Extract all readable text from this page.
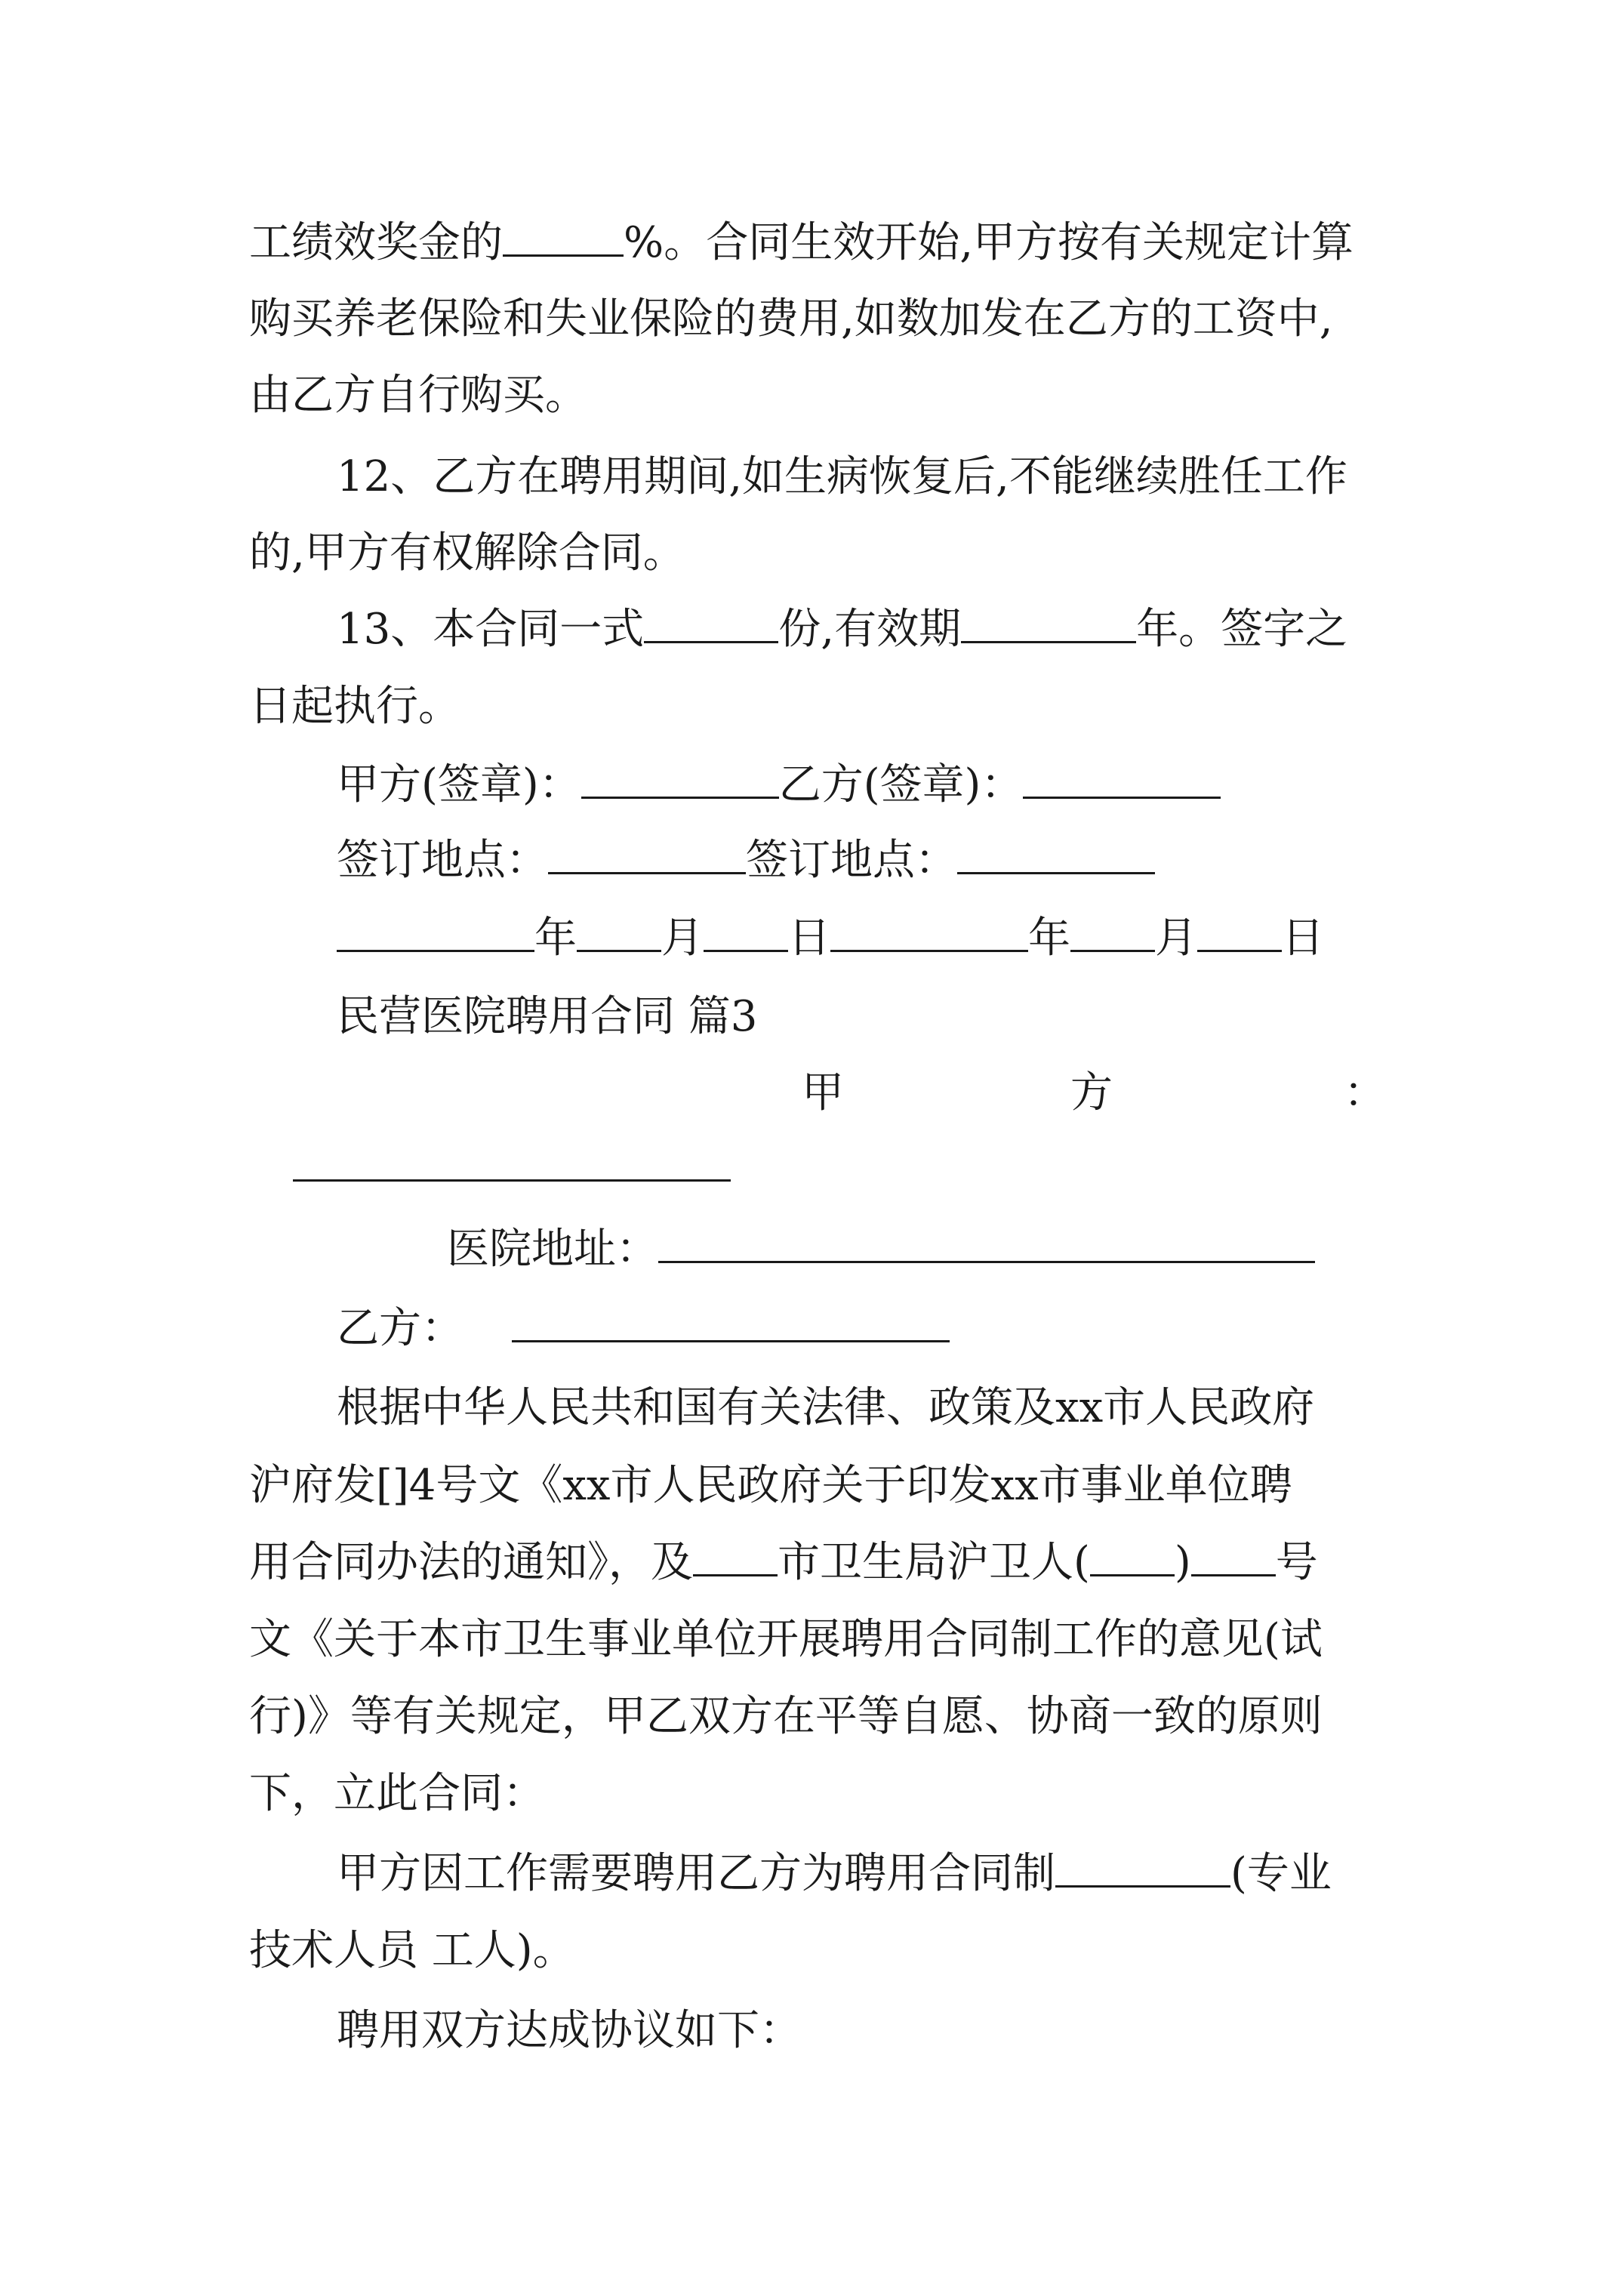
工绩效奖金的	%。合同生效开始,甲方按有关规定计算
购买养老保险和失业保险的费用,如数加发在乙方的工资中,
由乙方自行购买。
12、乙方在聘用期间,如生病恢复后,不能继续胜任工作
的,甲方有权解除合同。
13、本合同一式	份,有效期	年。签字之
日起执行。
甲方(签章)：	乙方(签章)：
签订地点：	签订地点：
年 月 日	年 月 日
民营医院聘用合同 篇3
甲	方	：
医院地址：
乙方：
根据中华人民共和国有关法律、政策及xx市人民政府
沪府发[]4号文《xx市人民政府关于印发xx市事业单位聘
用合同办法的通知》，及 市卫生局沪卫人( ) 号
文《关于本市卫生事业单位开展聘用合同制工作的意见(试
行)》等有关规定，甲乙双方在平等自愿、协商一致的原则
下，立此合同：
甲方因工作需要聘用乙方为聘用合同制	(专业
技术人员 工人)。
聘用双方达成协议如下：
